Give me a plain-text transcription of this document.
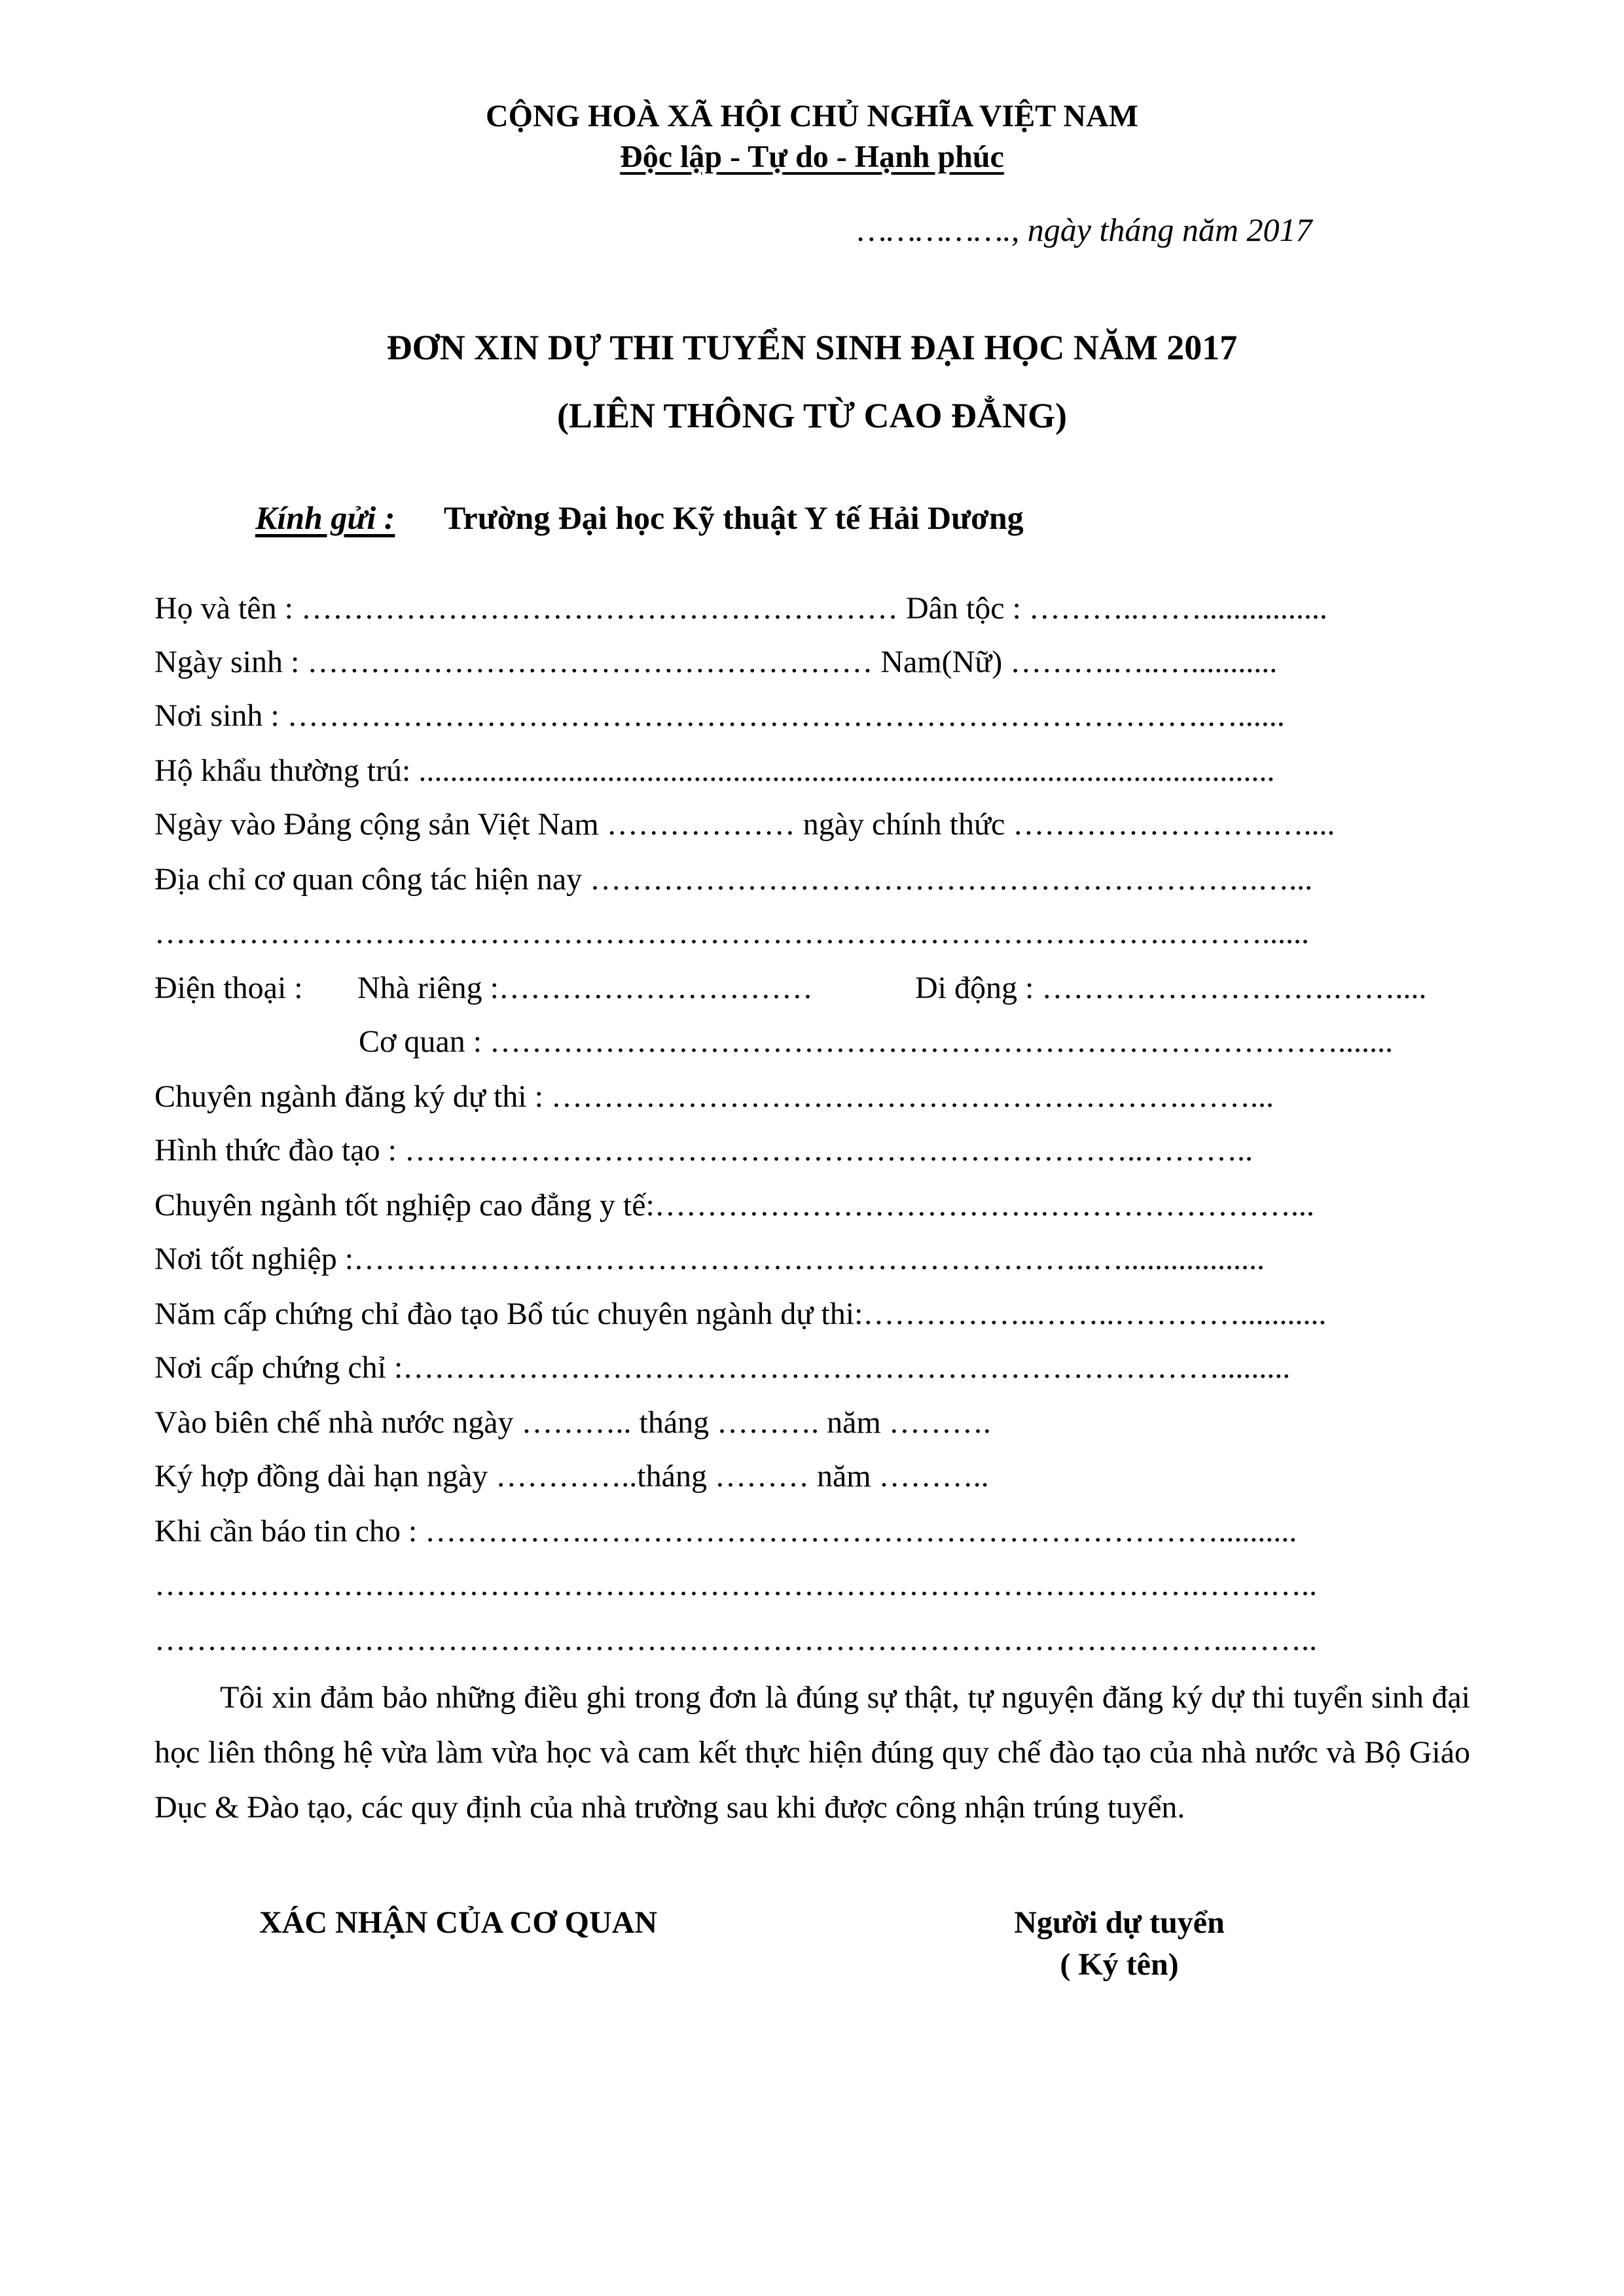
CỘNG HOÀ XÃ HỘI CHỦ NGHĨA VIỆT NAM
Độc lập - Tự do - Hạnh phúc
……………., ngày tháng năm 2017
ĐƠN XIN DỰ THI TUYỂN SINH ĐẠI HỌC NĂM 2017
(LIÊN THÔNG TỪ CAO ĐẲNG)
Kính gửi : Trường Đại học Kỹ thuật Y tế Hải Dương
Họ và tên : ………………………………………………… Dân tộc : ………..……................
Ngày sinh : ……………………………………………… Nam(Nữ) ……….…..…...........
Nơi sinh : …………………………………………………………………………….…......
Hộ khẩu thường trú: .............................................................................................................
Ngày vào Đảng cộng sản Việt Nam ……………… ngày chính thức …………………….…....
Địa chỉ cơ quan công tác hiện nay ……………………………………………………….…...
…………………………………………………………………………………….………......
Điện thoại : Nhà riêng :…………………………	Di động : ……………………….……....
Cơ quan : ……………………………………………………………………….......
Chuyên ngành đăng ký dự thi : …………………………………………………….……...
Hình thức đào tạo : ……………………………………………………………..………..
Chuyên ngành tốt nghiệp cao đẳng y tế:……………………………….……………………...
Nơi tốt nghiệp :……………………………………………………………..…..................
Năm cấp chứng chỉ đào tạo Bổ túc chuyên ngành dự thi:……………..……..…………...........
Nơi cấp chứng chỉ :…………………………………………………………………….........
Vào biên chế nhà nước ngày ……….. tháng ………. năm ……….
Ký hợp đồng dài hạn ngày …………..tháng ……… năm ………..
Khi cần báo tin cho : …………….……………………………………………………..........
……………………………………………………………………………………….…….…..
…………………………………………………………………………………………..……..
Tôi xin đảm bảo những điều ghi trong đơn là đúng sự thật, tự nguyện đăng ký dự thi tuyển sinh đại học liên thông hệ vừa làm vừa học và cam kết thực hiện đúng quy chế đào tạo của nhà nước và Bộ Giáo Dục & Đào tạo, các quy định của nhà trường sau khi được công nhận trúng tuyển.
XÁC NHẬN CỦA CƠ QUAN	Người dự tuyển
( Ký tên)
